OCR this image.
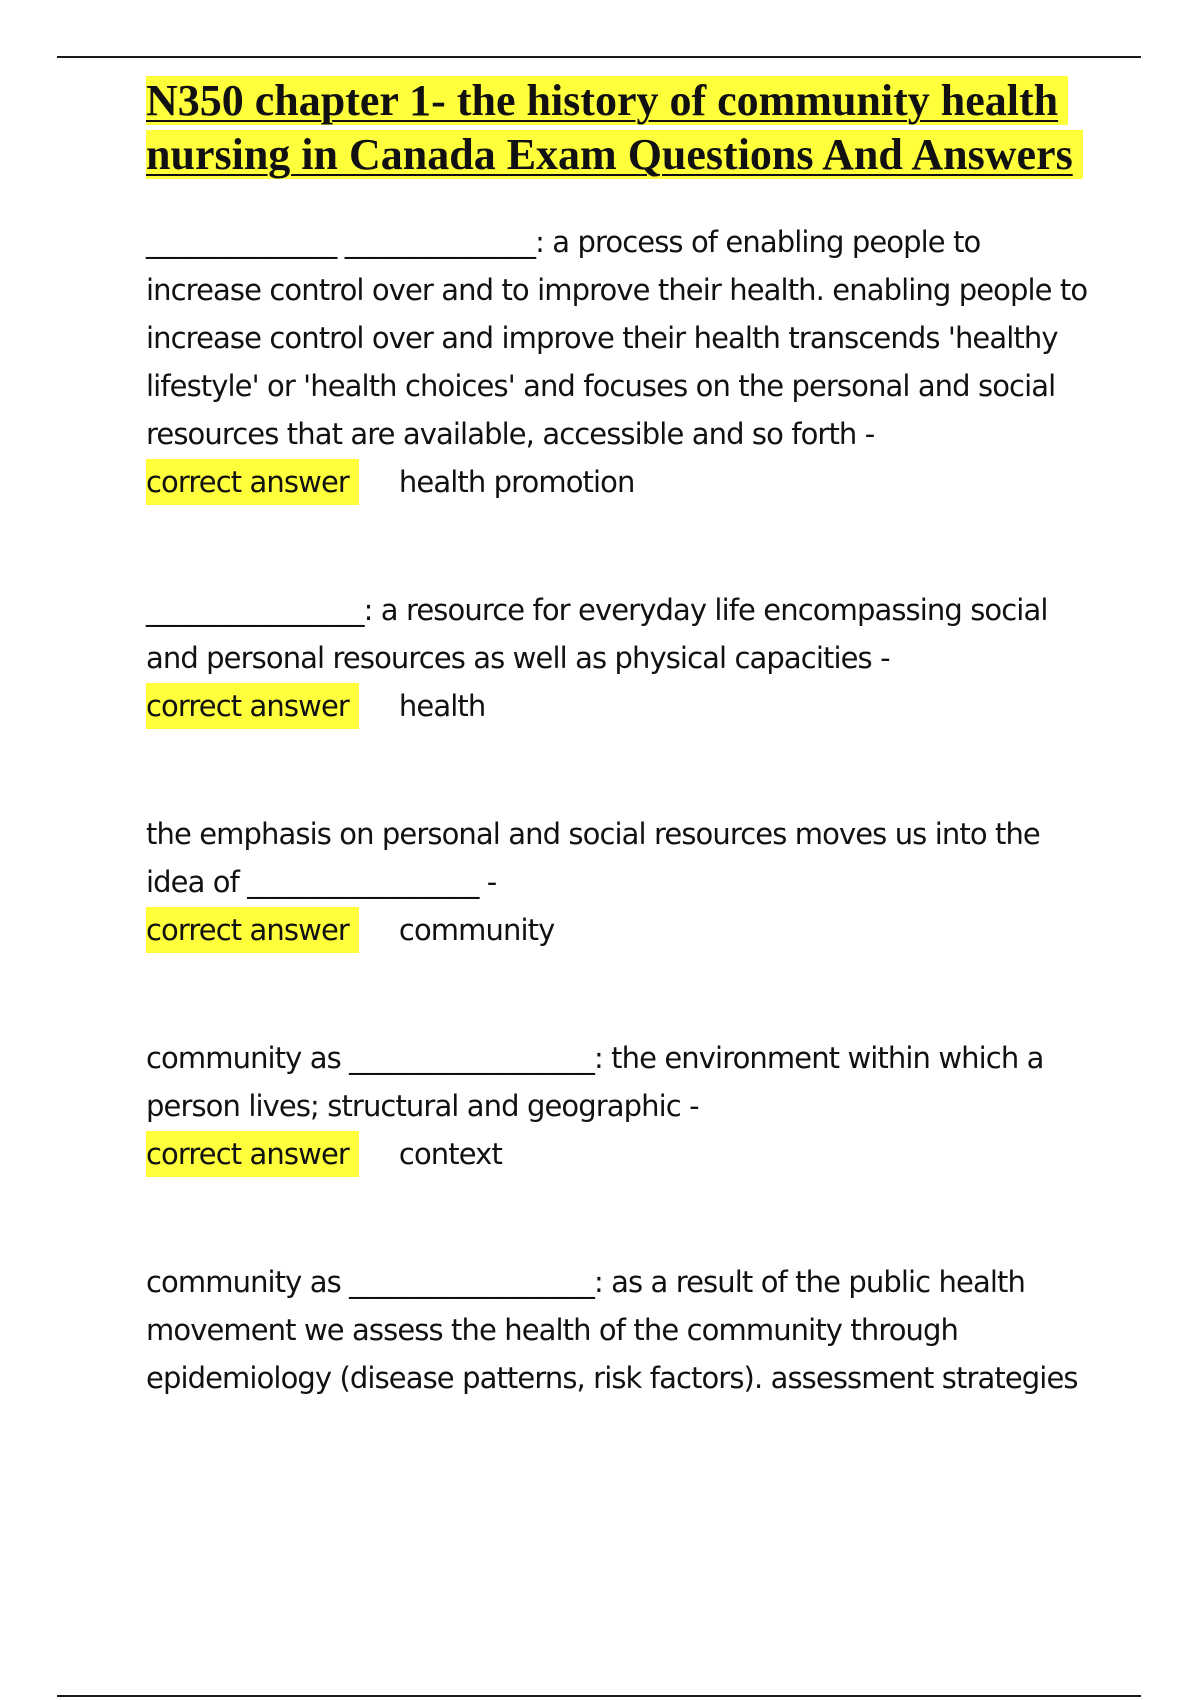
N350 chapter 1- the history of community health nursing in Canada Exam Questions And Answers

______________ ______________: a process of enabling people to increase control over and to improve their health. enabling people to increase control over and improve their health transcends 'healthy lifestyle' or 'health choices' and focuses on the personal and social resources that are available, accessible and so forth -

correct answer	health promotion

________________: a resource for everyday life encompassing social and personal resources as well as physical capacities -

correct answer	health

the emphasis on personal and social resources moves us into the idea of _________________ -

correct answer	community

community as __________________: the environment within which a person lives; structural and geographic -

correct answer	context

community as __________________: as a result of the public health movement we assess the health of the community through epidemiology (disease patterns, risk factors). assessment strategies
